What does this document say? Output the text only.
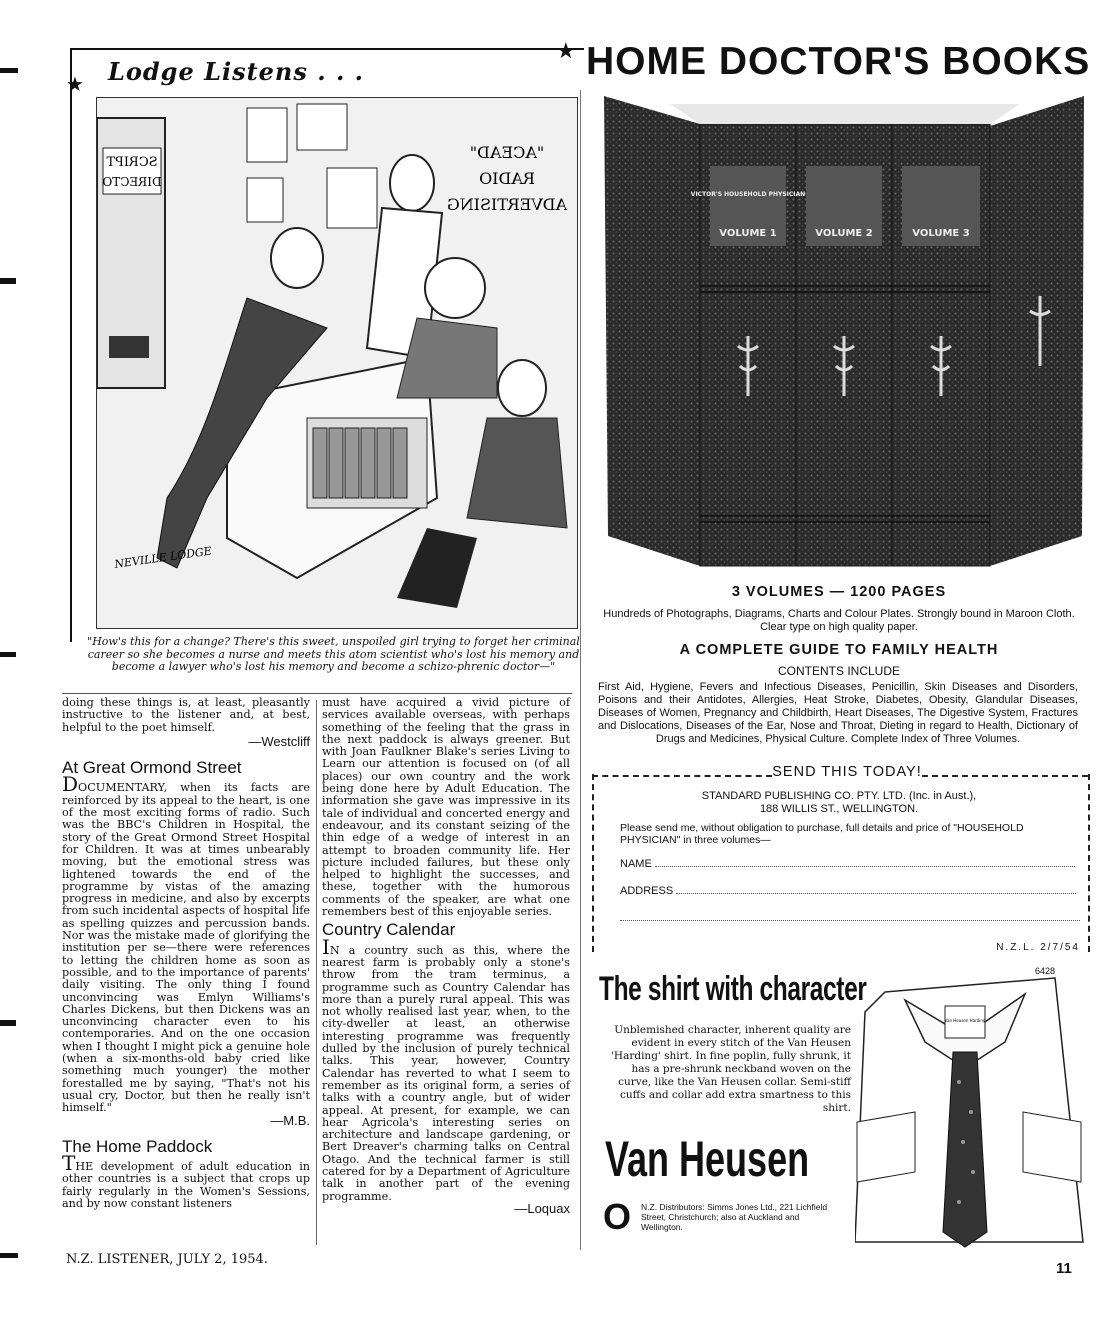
★
★ Lodge Listens . . .
SCRIPT
DIRECTO
"ACEAD"
RADIO
ADVERTISING
NEVILLE LODGE
"How's this for a change? There's this sweet, unspoiled girl trying to forget her criminal career so she becomes a nurse and meets this atom scientist who's lost his memory and become a lawyer who's lost his memory and become a schizo-phrenic doctor—"

doing these things is, at least, pleasantly instructive to the listener and, at best, helpful to the poet himself.

—Westcliff
At Great Ormond Street

DOCUMENTARY, when its facts are reinforced by its appeal to the heart, is one of the most exciting forms of radio. Such was the BBC's Children in Hospital, the story of the Great Ormond Street Hospital for Children. It was at times unbearably moving, but the emotional stress was lightened towards the end of the programme by vistas of the amazing progress in medicine, and also by excerpts from such incidental aspects of hospital life as spelling quizzes and percussion bands. Nor was the mistake made of glorifying the institution per se—there were references to letting the children home as soon as possible, and to the importance of parents' daily visiting. The only thing I found unconvincing was Emlyn Williams's Charles Dickens, but then Dickens was an unconvincing character even to his contemporaries. And on the one occasion when I thought I might pick a genuine hole (when a six-months-old baby cried like something much younger) the mother forestalled me by saying, "That's not his usual cry, Doctor, but then he really isn't himself."

—M.B.
The Home Paddock

THE development of adult education in other countries is a subject that crops up fairly regularly in the Women's Sessions, and by now constant listeners

must have acquired a vivid picture of services available overseas, with perhaps something of the feeling that the grass in the next paddock is always greener. But with Joan Faulkner Blake's series Living to Learn our attention is focused on (of all places) our own country and the work being done here by Adult Education. The information she gave was impressive in its tale of individual and concerted energy and endeavour, and its constant seizing of the thin edge of a wedge of interest in an attempt to broaden community life. Her picture included failures, but these only helped to highlight the successes, and these, together with the humorous comments of the speaker, are what one remembers best of this enjoyable series.

Country Calendar

IN a country such as this, where the nearest farm is probably only a stone's throw from the tram terminus, a programme such as Country Calendar has more than a purely rural appeal. This was not wholly realised last year, when, to the city-dweller at least, an otherwise interesting programme was frequently dulled by the inclusion of purely technical talks. This year, however, Country Calendar has reverted to what I seem to remember as its original form, a series of talks with a country angle, but of wider appeal. At present, for example, we can hear Agricola's interesting series on architecture and landscape gardening, or Bert Dreaver's charming talks on Central Otago. And the technical farmer is still catered for by a Department of Agriculture talk in another part of the evening programme.

—Loquax
HOME DOCTOR'S BOOKS
VICTOR'S HOUSEHOLD PHYSICIAN
VOLUME 1	VOLUME 2	VOLUME 3
3 VOLUMES — 1200 PAGES
Hundreds of Photographs, Diagrams, Charts and Colour Plates. Strongly bound in Maroon Cloth. Clear type on high quality paper.
A COMPLETE GUIDE TO FAMILY HEALTH
CONTENTS INCLUDE
First Aid, Hygiene, Fevers and Infectious Diseases, Penicillin, Skin Diseases and Disorders, Poisons and their Antidotes, Allergies, Heat Stroke, Diabetes, Obesity, Glandular Diseases, Diseases of Women, Pregnancy and Childbirth, Heart Diseases, The Digestive System, Fractures and Dislocations, Diseases of the Ear, Nose and Throat, Dieting in regard to Health, Dictionary of Drugs and Medicines, Physical Culture. Complete Index of Three Volumes.
SEND THIS TODAY!
STANDARD PUBLISHING CO. PTY. LTD. (Inc. in Aust.),
188 WILLIS ST., WELLINGTON.
Please send me, without obligation to purchase, full details and price of "HOUSEHOLD PHYSICIAN" in three volumes—
NAME
ADDRESS
N.Z.L. 2/7/54
The shirt with character	6428
Van Heusen Harding
Unblemished character, inherent quality are evident in every stitch of the Van Heusen 'Harding' shirt. In fine poplin, fully shrunk, it has a pre-shrunk neckband woven on the curve, like the Van Heusen collar. Semi-stiff cuffs and collar add extra smartness to this shirt.
Van Heusen
O N.Z. Distributors: Simms Jones Ltd., 221 Lichfield Street, Christchurch; also at Auckland and Wellington.
N.Z. LISTENER, JULY 2, 1954.
11
